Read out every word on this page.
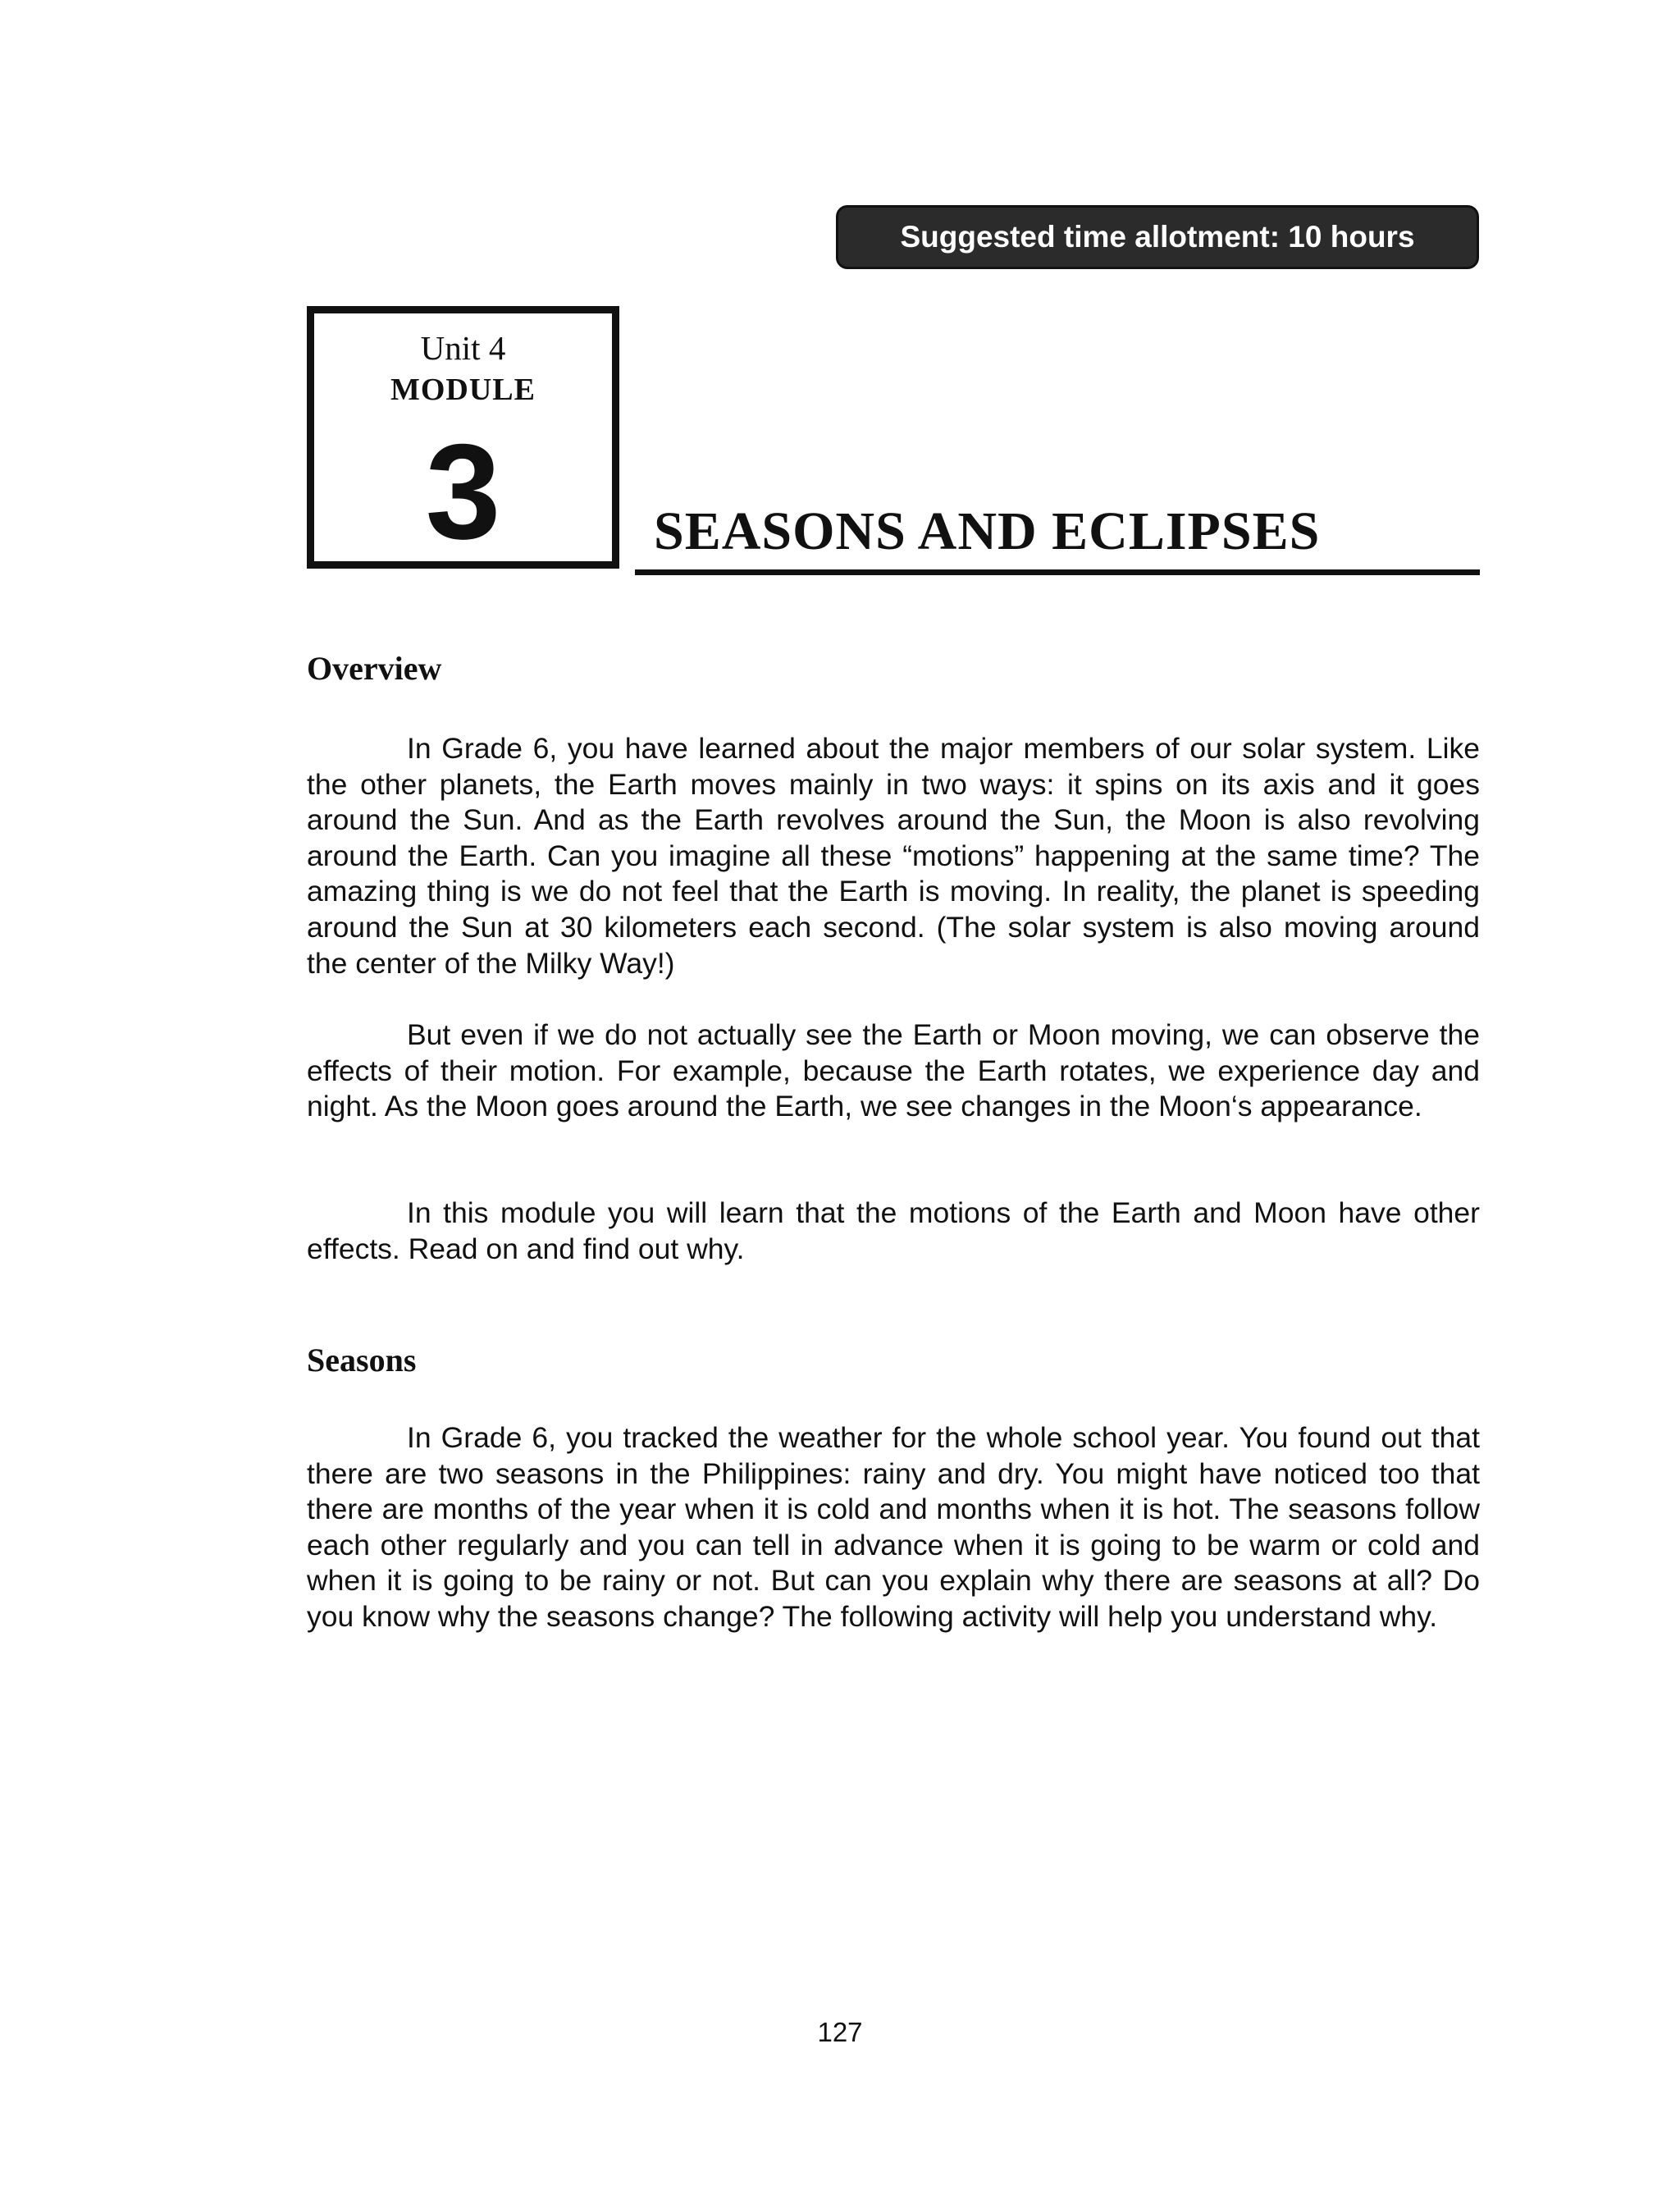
Suggested time allotment: 10 hours
Unit 4
MODULE
3	SEASONS AND ECLIPSES
Overview

In Grade 6, you have learned about the major members of our solar system. Like the other planets, the Earth moves mainly in two ways: it spins on its axis and it goes around the Sun. And as the Earth revolves around the Sun, the Moon is also revolving around the Earth. Can you imagine all these “motions” happening at the same time? The amazing thing is we do not feel that the Earth is moving. In reality, the planet is speeding around the Sun at 30 kilometers each second. (The solar system is also moving around the center of the Milky Way!)

But even if we do not actually see the Earth or Moon moving, we can observe the effects of their motion. For example, because the Earth rotates, we experience day and night. As the Moon goes around the Earth, we see changes in the Moon‘s appearance.

In this module you will learn that the motions of the Earth and Moon have other effects. Read on and find out why.

Seasons

In Grade 6, you tracked the weather for the whole school year. You found out that there are two seasons in the Philippines: rainy and dry. You might have noticed too that there are months of the year when it is cold and months when it is hot. The seasons follow each other regularly and you can tell in advance when it is going to be warm or cold and when it is going to be rainy or not. But can you explain why there are seasons at all? Do you know why the seasons change? The following activity will help you understand why.

127
